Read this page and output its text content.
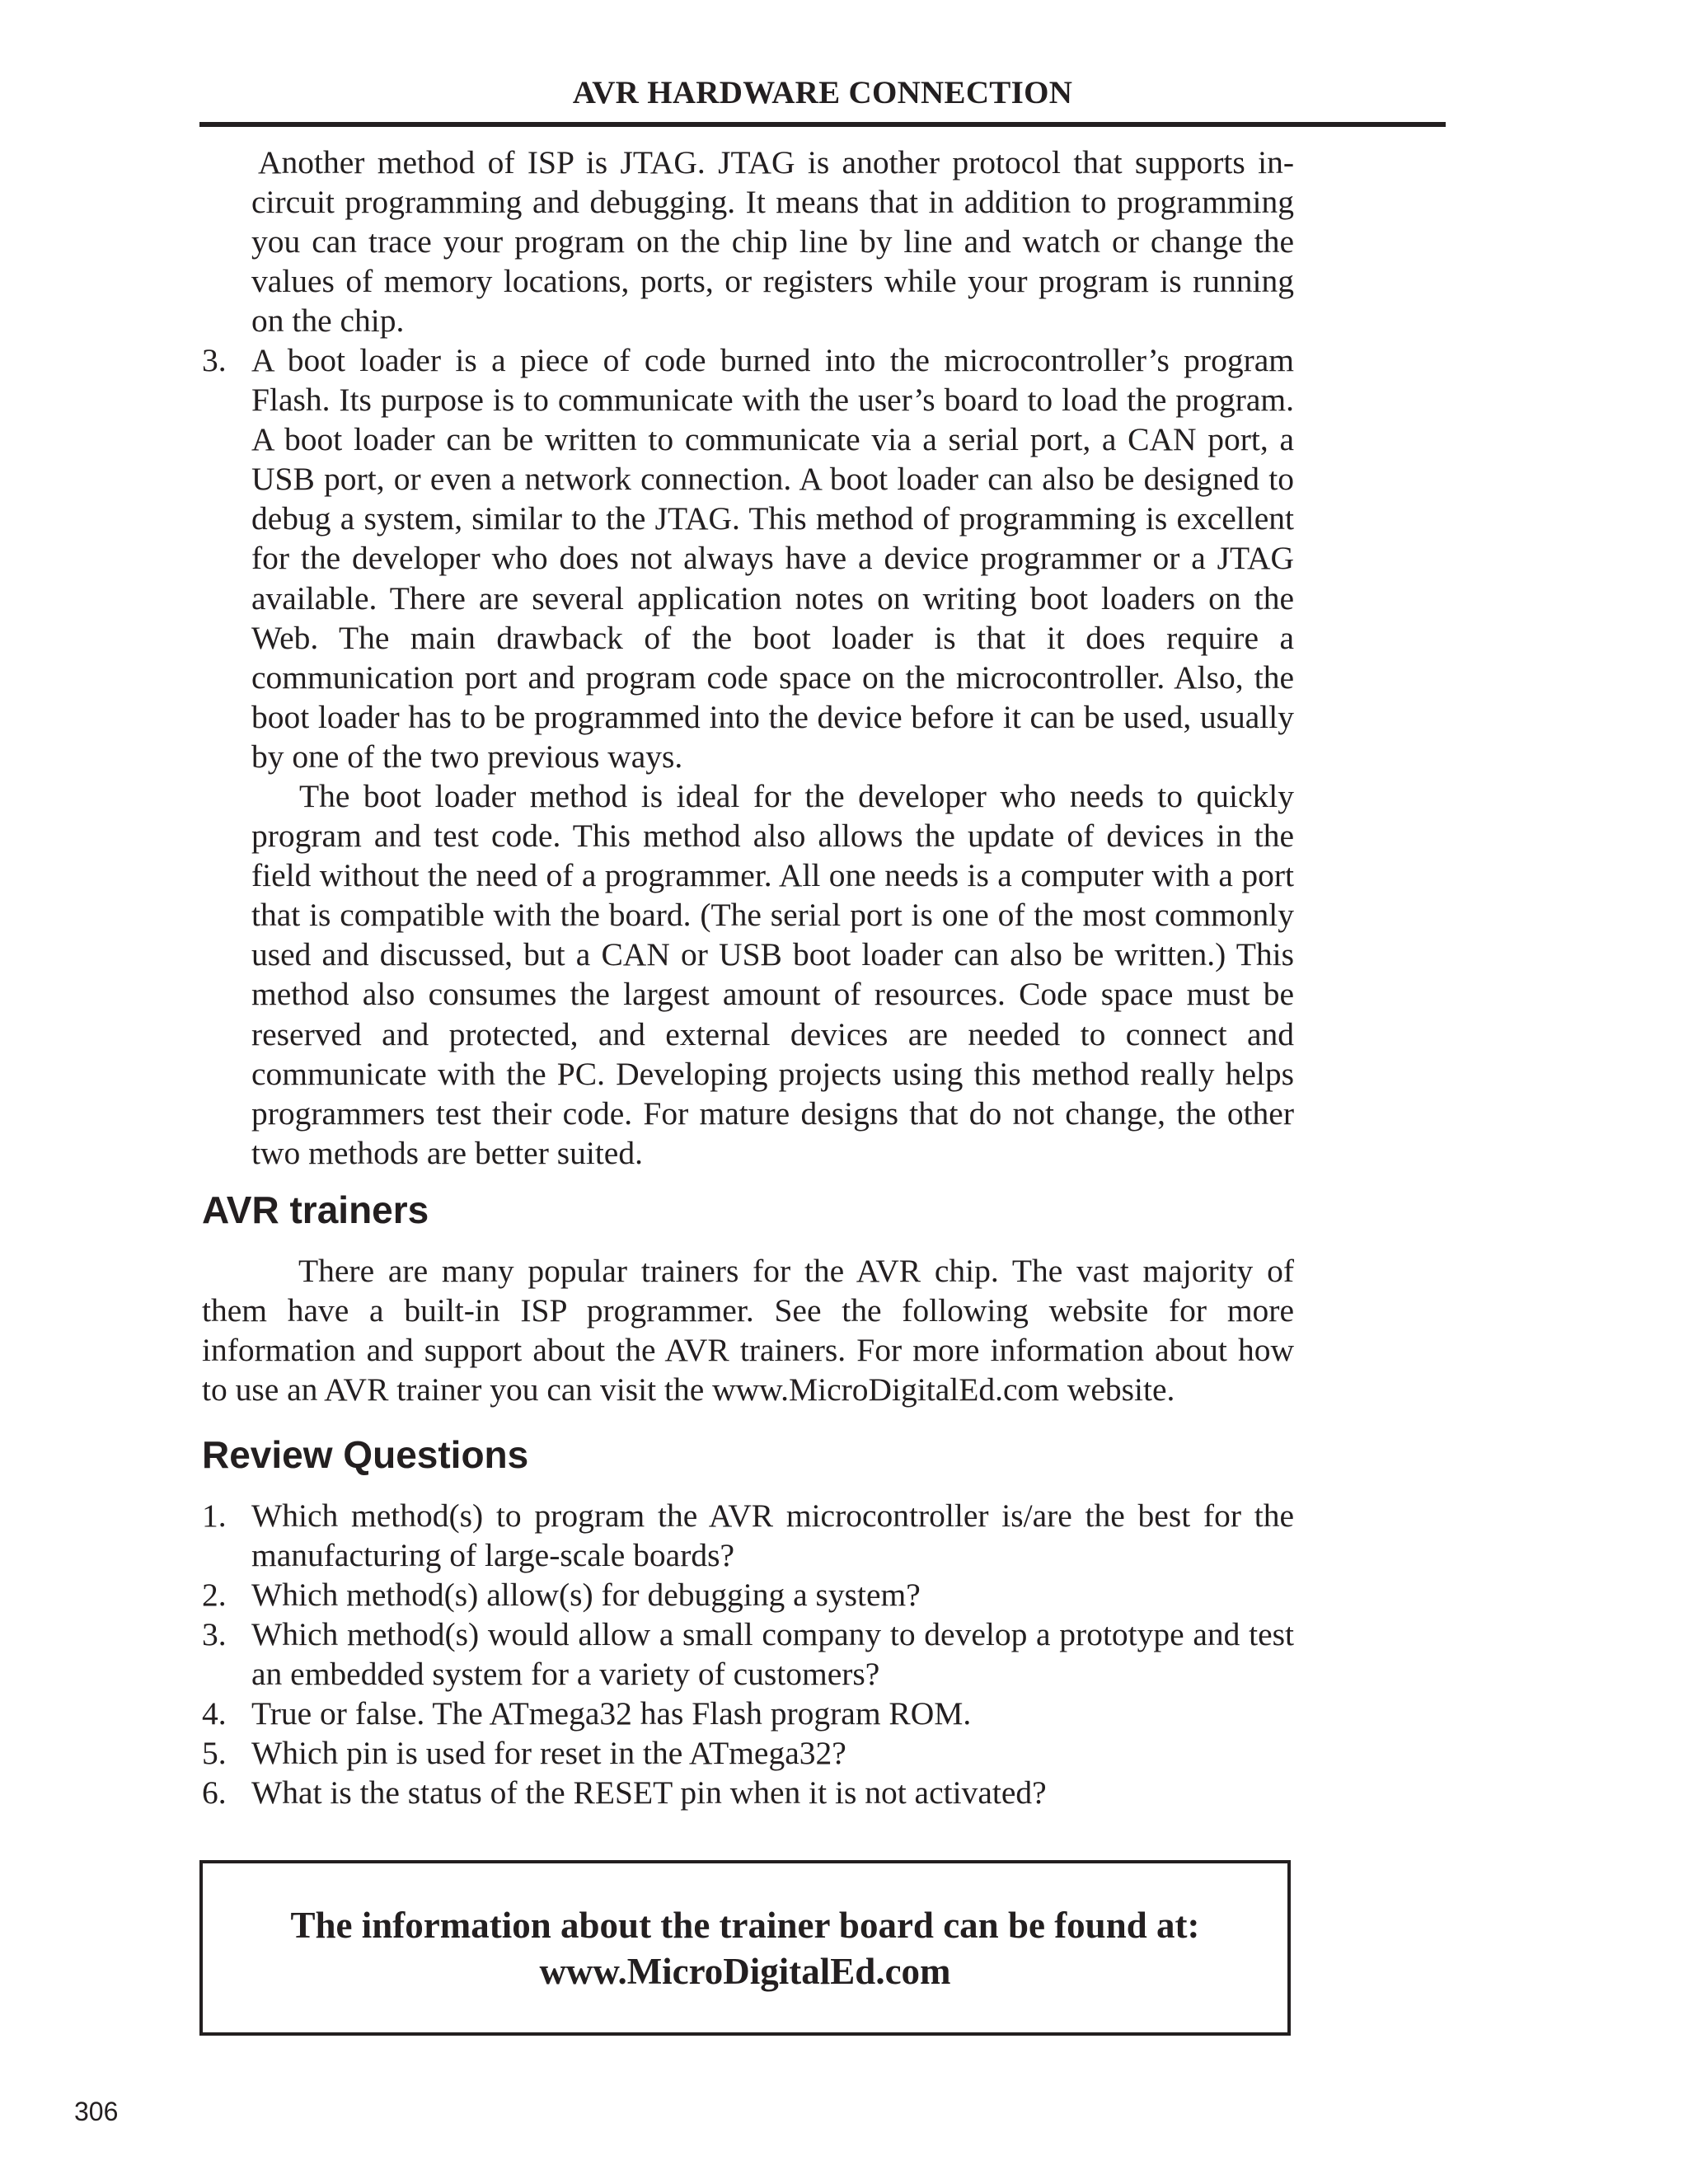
AVR HARDWARE CONNECTION

Another method of ISP is JTAG. JTAG is another protocol that supports in-circuit programming and debugging. It means that in addition to programming you can trace your program on the chip line by line and watch or change the values of memory locations, ports, or registers while your program is running on the chip.

3. A boot loader is a piece of code burned into the microcontroller’s program Flash. Its purpose is to communicate with the user’s board to load the program. A boot loader can be written to communicate via a serial port, a CAN port, a USB port, or even a network connection. A boot loader can also be designed to debug a system, similar to the JTAG. This method of programming is excellent for the developer who does not always have a device programmer or a JTAG available. There are several application notes on writing boot loaders on the Web. The main drawback of the boot loader is that it does require a communication port and program code space on the microcontroller. Also, the boot loader has to be programmed into the device before it can be used, usually by one of the two previous ways.

The boot loader method is ideal for the developer who needs to quickly program and test code. This method also allows the update of devices in the field without the need of a programmer. All one needs is a computer with a port that is compatible with the board. (The serial port is one of the most commonly used and discussed, but a CAN or USB boot loader can also be written.) This method also consumes the largest amount of resources. Code space must be reserved and protected, and external devices are needed to connect and communicate with the PC. Developing projects using this method really helps programmers test their code. For mature designs that do not change, the other two methods are better suited.

AVR trainers

There are many popular trainers for the AVR chip. The vast majority of them have a built-in ISP programmer. See the following website for more information and support about the AVR trainers. For more information about how to use an AVR trainer you can visit the www.MicroDigitalEd.com website.

Review Questions
1. Which method(s) to program the AVR microcontroller is/are the best for the manufacturing of large-scale boards?

2. Which method(s) allow(s) for debugging a system?

3. Which method(s) would allow a small company to develop a prototype and test an embedded system for a variety of customers?

4. True or false. The ATmega32 has Flash program ROM.

5. Which pin is used for reset in the ATmega32?

6. What is the status of the RESET pin when it is not activated?

The information about the trainer board can be found at:
www.MicroDigitalEd.com
306
